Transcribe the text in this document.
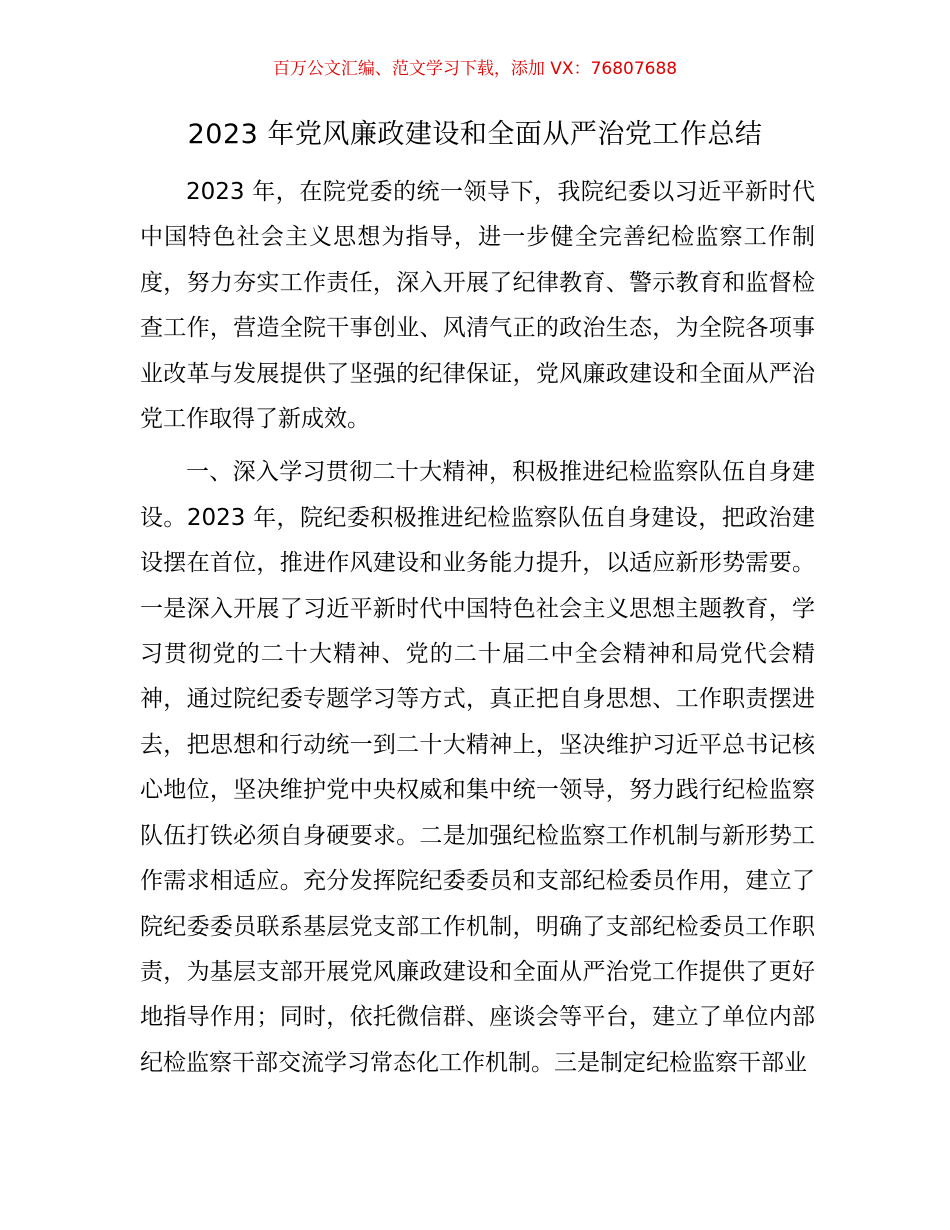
百万公文汇编、范文学习下载，添加 VX：76807688
2023 年党风廉政建设和全面从严治党工作总结

2023 年，在院党委的统一领导下，我院纪委以习近平新时代中国特色社会主义思想为指导，进一步健全完善纪检监察工作制度，努力夯实工作责任，深入开展了纪律教育、警示教育和监督检查工作，营造全院干事创业、风清气正的政治生态，为全院各项事业改革与发展提供了坚强的纪律保证，党风廉政建设和全面从严治党工作取得了新成效。

一、深入学习贯彻二十大精神，积极推进纪检监察队伍自身建设。2023 年，院纪委积极推进纪检监察队伍自身建设，把政治建设摆在首位，推进作风建设和业务能力提升，以适应新形势需要。一是深入开展了习近平新时代中国特色社会主义思想主题教育，学习贯彻党的二十大精神、党的二十届二中全会精神和局党代会精神，通过院纪委专题学习等方式，真正把自身思想、工作职责摆进去，把思想和行动统一到二十大精神上，坚决维护习近平总书记核心地位，坚决维护党中央权威和集中统一领导，努力践行纪检监察队伍打铁必须自身硬要求。二是加强纪检监察工作机制与新形势工作需求相适应。充分发挥院纪委委员和支部纪检委员作用，建立了院纪委委员联系基层党支部工作机制，明确了支部纪检委员工作职责，为基层支部开展党风廉政建设和全面从严治党工作提供了更好地指导作用；同时，依托微信群、座谈会等平台，建立了单位内部纪检监察干部交流学习常态化工作机制。三是制定纪检监察干部业
